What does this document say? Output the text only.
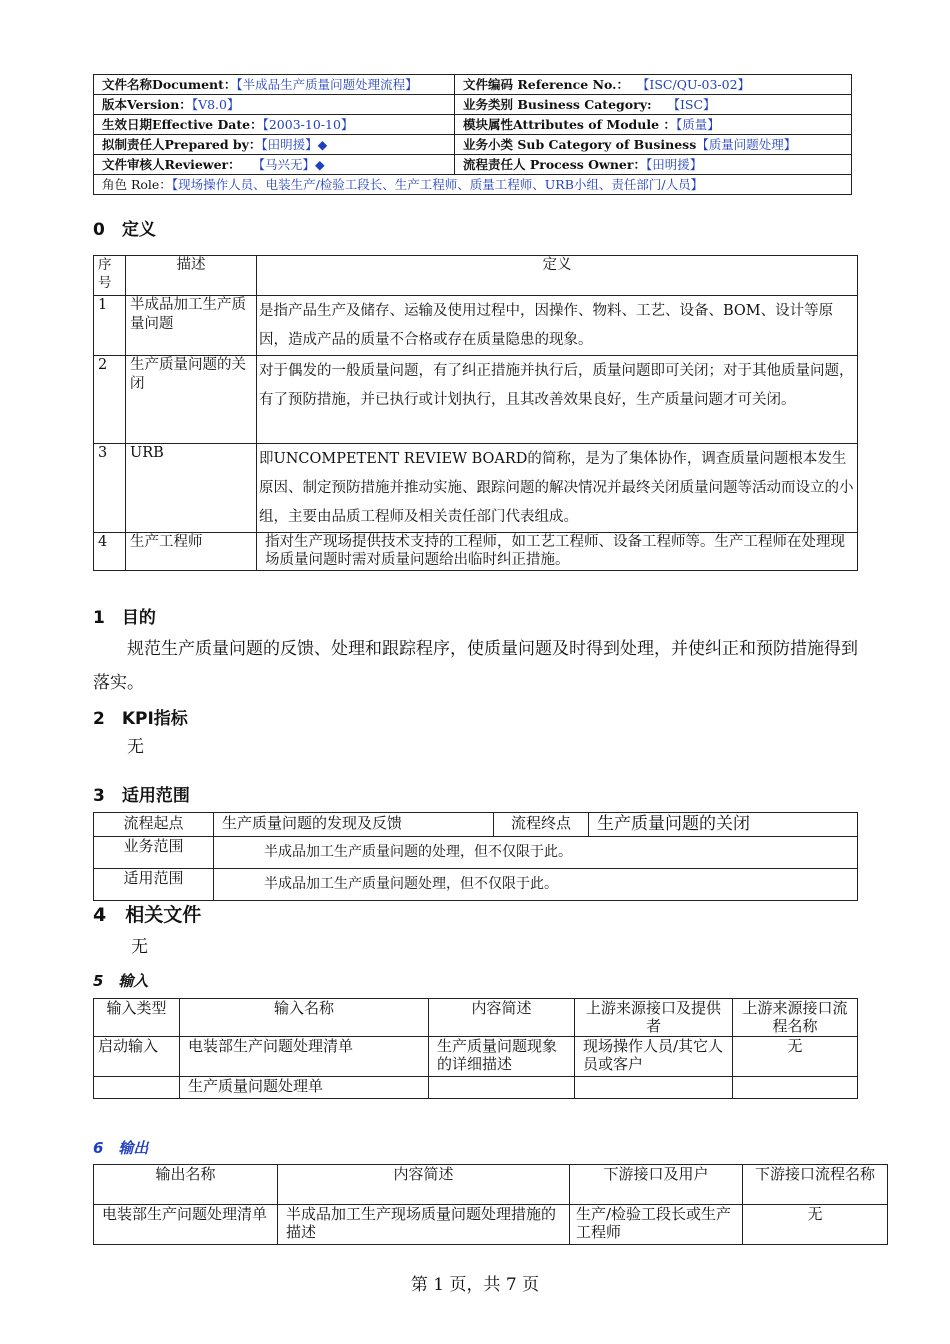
文件名称Document：【半成品生产质量问题处理流程】	文件编码 Reference No.： 【ISC/QU-03-02】
版本Version：【V8.0】	业务类别 Business Category: 【ISC】
生效日期Effective Date：【2003-10-10】	模块属性Attributes of Module ：【质量】
拟制责任人Prepared by：【田明援】◆	业务小类 Sub Category of Business【质量问题处理】
文件审核人Reviewer： 【马兴无】◆	流程责任人 Process Owner：【田明援】
角色 Role：【现场操作人员、电装生产/检验工段长、生产工程师、质量工程师、URB小组、责任部门/人员】	
0　定义
序号	描述	定义
1	半成品加工生产质量问题	是指产品生产及储存、运输及使用过程中，因操作、物料、工艺、设备、BOM、设计等原因，造成产品的质量不合格或存在质量隐患的现象。
2	生产质量问题的关闭	对于偶发的一般质量问题，有了纠正措施并执行后，质量问题即可关闭；对于其他质量问题，有了预防措施，并已执行或计划执行，且其改善效果良好，生产质量问题才可关闭。
3	URB	即UNCOMPETENT REVIEW BOARD的简称，是为了集体协作，调查质量问题根本发生原因、制定预防措施并推动实施、跟踪问题的解决情况并最终关闭质量问题等活动而设立的小组，主要由品质工程师及相关责任部门代表组成。
4	生产工程师	指对生产现场提供技术支持的工程师，如工艺工程师、设备工程师等。生产工程师在处理现场质量问题时需对质量问题给出临时纠正措施。
1　目的
规范生产质量问题的反馈、处理和跟踪程序，使质量问题及时得到处理，并使纠正和预防措施得到落实。
2　KPI指标
无
3　适用范围
流程起点	生产质量问题的发现及反馈	流程终点	生产质量问题的关闭
业务范围	半成品加工生产质量问题的处理，但不仅限于此。		
适用范围	半成品加工生产质量问题处理，但不仅限于此。		
4　相关文件
无
5　输入
输入类型	输入名称	内容简述	上游来源接口及提供者	上游来源接口流程名称
启动输入	电装部生产问题处理清单	生产质量问题现象的详细描述	现场操作人员/其它人员或客户	无
	生产质量问题处理单			
6　输出
输出名称	内容简述	下游接口及用户	下游接口流程名称
电装部生产问题处理清单	半成品加工生产现场质量问题处理措施的描述	生产/检验工段长或生产工程师	无
第 1 页，共 7 页
